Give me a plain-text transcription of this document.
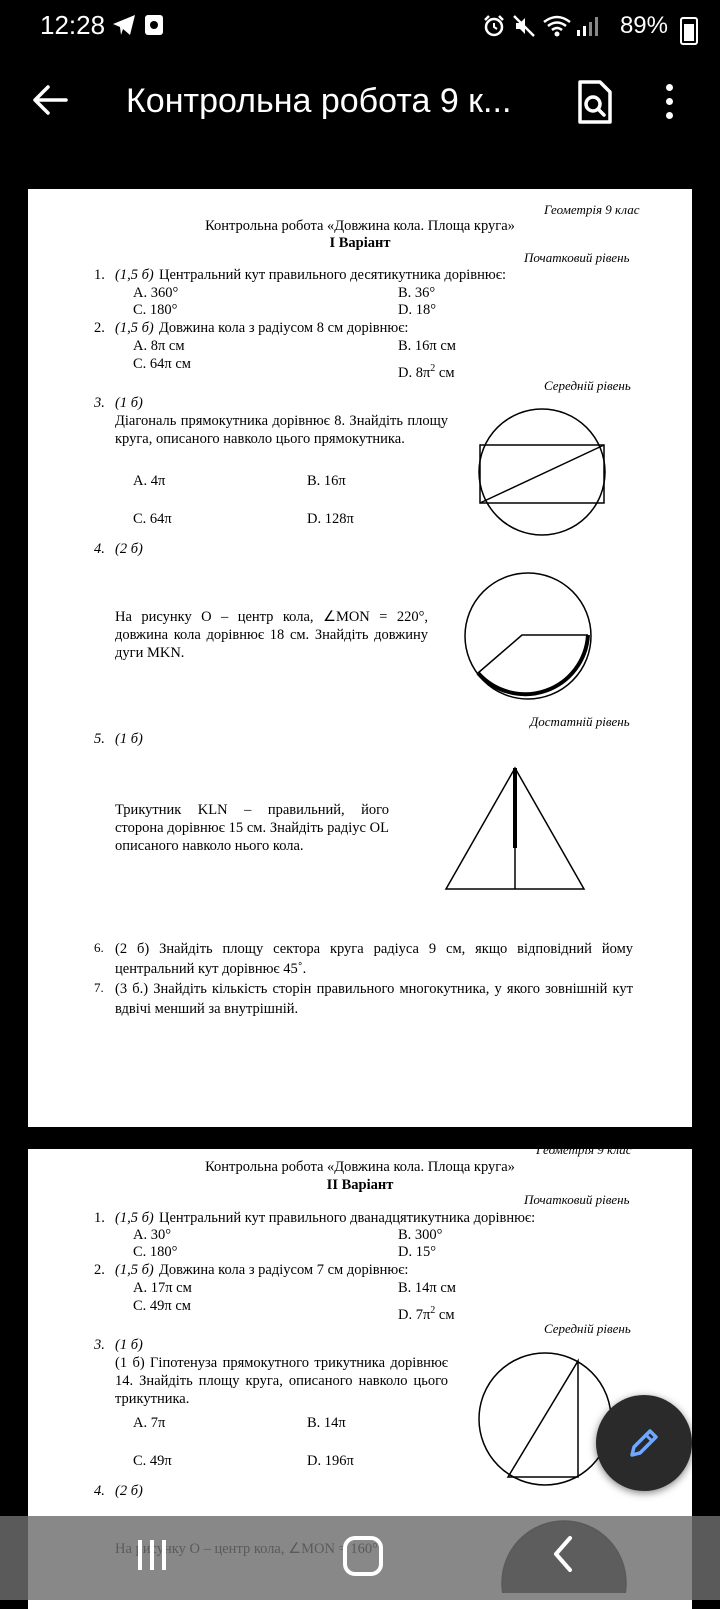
12:28	89%
Контрольна робота 9 к...
Геометрія 9 клас
Контрольна робота «Довжина кола. Площа круга»
І Варіант
Початковий рівень
1. (1,5 б) Центральний кут правильного десятикутника дорівнює:
А. 360°	В. 36°
С. 180°	D. 18°
2. (1,5 б) Довжина кола з радіусом 8 см дорівнює:
А. 8π см	В. 16π см
С. 64π см
D. $8\pi^2$ см
Середній рівень
3. (1 б)
Діагональ прямокутника дорівнює 8. Знайдіть площу круга, описаного навколо цього прямокутника.
А. 4π	В. 16π
С. 64π	D. 128π
4. (2 б)
На рисунку O – центр кола, ∠MON = 220°, довжина кола дорівнює 18 см. Знайдіть довжину дуги MKN.
Достатній рівень
5. (1 б)
Трикутник KLN – правильний, його сторона дорівнює 15 см. Знайдіть радіус OL описаного навколо нього кола.
6. (2 б) Знайдіть площу сектора круга радіуса 9 см, якщо відповідний йому центральний кут дорівнює 45˚.
7. (3 б.) Знайдіть кількість сторін правильного многокутника, у якого зовнішній кут вдвічі менший за внутрішній.
Геометрія 9 клас
Контрольна робота «Довжина кола. Площа круга»
ІІ Варіант
Початковий рівень
1. (1,5 б) Центральний кут правильного дванадцятикутника дорівнює:
А. 30°	В. 300°
С. 180°	D. 15°
2. (1,5 б) Довжина кола з радіусом 7 см дорівнює:
А. 17π см	В. 14π см
С. 49π см
D. $7\pi^2$ см
Середній рівень
3. (1 б)
(1 б) Гіпотенуза прямокутного трикутника дорівнює 14. Знайдіть площу круга, описаного навколо цього трикутника.
А. 7π	В. 14π
С. 49π	D. 196π
4. (2 б)
